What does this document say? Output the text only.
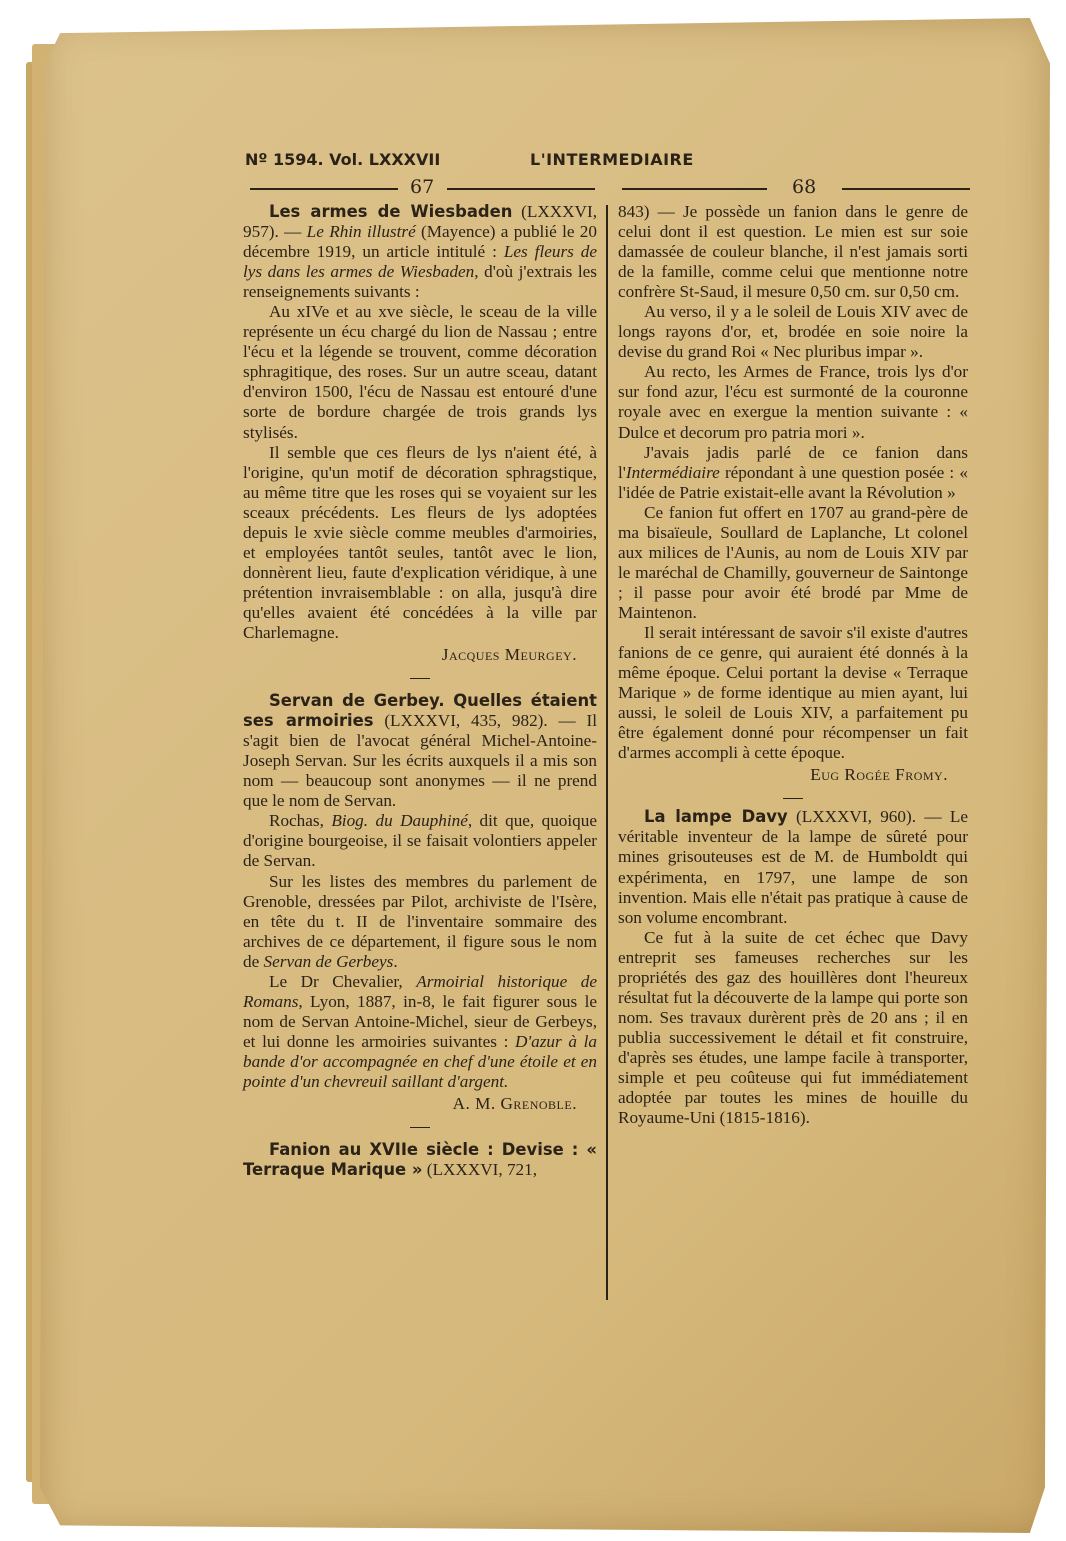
Nº 1594. Vol. LXXXVII	L'INTERMEDIAIRE
67	68

Les armes de Wiesbaden (LXXXVI, 957). — Le Rhin illustré (Mayence) a publié le 20 décembre 1919, un article intitulé : Les fleurs de lys dans les armes de Wiesbaden, d'où j'extrais les renseignements suivants :

Au xIVe et au xve siècle, le sceau de la ville représente un écu chargé du lion de Nassau ; entre l'écu et la légende se trouvent, comme décoration sphragitique, des roses. Sur un autre sceau, datant d'environ 1500, l'écu de Nassau est entouré d'une sorte de bordure chargée de trois grands lys stylisés.

Il semble que ces fleurs de lys n'aient été, à l'origine, qu'un motif de décoration sphragstique, au même titre que les roses qui se voyaient sur les sceaux précédents. Les fleurs de lys adoptées depuis le xvie siècle comme meubles d'armoiries, et employées tantôt seules, tantôt avec le lion, donnèrent lieu, faute d'explication véridique, à une prétention invraisemblable : on alla, jusqu'à dire qu'elles avaient été concédées à la ville par Charlemagne.

Jacques Meurgey.

Servan de Gerbey. Quelles étaient ses armoiries (LXXXVI, 435, 982). — Il s'agit bien de l'avocat général Michel-Antoine-Joseph Servan. Sur les écrits auxquels il a mis son nom — beaucoup sont anonymes — il ne prend que le nom de Servan.

Rochas, Biog. du Dauphiné, dit que, quoique d'origine bourgeoise, il se faisait volontiers appeler de Servan.

Sur les listes des membres du parlement de Grenoble, dressées par Pilot, archiviste de l'Isère, en tête du t. II de l'inventaire sommaire des archives de ce département, il figure sous le nom de Servan de Gerbeys.

Le Dr Chevalier, Armoirial historique de Romans, Lyon, 1887, in-8, le fait figurer sous le nom de Servan Antoine-Michel, sieur de Gerbeys, et lui donne les armoiries suivantes : D'azur à la bande d'or accompagnée en chef d'une étoile et en pointe d'un chevreuil saillant d'argent.

A. M. Grenoble.

Fanion au XVIIe siècle : Devise : « Terraque Marique » (LXXXVI, 721,

843) — Je possède un fanion dans le genre de celui dont il est question. Le mien est sur soie damassée de couleur blanche, il n'est jamais sorti de la famille, comme celui que mentionne notre confrère St-Saud, il mesure 0,50 cm. sur 0,50 cm.

Au verso, il y a le soleil de Louis XIV avec de longs rayons d'or, et, brodée en soie noire la devise du grand Roi « Nec pluribus impar ».

Au recto, les Armes de France, trois lys d'or sur fond azur, l'écu est surmonté de la couronne royale avec en exergue la mention suivante : « Dulce et decorum pro patria mori ».

J'avais jadis parlé de ce fanion dans l'Intermédiaire répondant à une question posée : « l'idée de Patrie existait-elle avant la Révolution »

Ce fanion fut offert en 1707 au grand-père de ma bisaïeule, Soullard de Laplanche, Lt colonel aux milices de l'Aunis, au nom de Louis XIV par le maréchal de Chamilly, gouverneur de Saintonge ; il passe pour avoir été brodé par Mme de Maintenon.

Il serait intéressant de savoir s'il existe d'autres fanions de ce genre, qui auraient été donnés à la même époque. Celui portant la devise « Terraque Marique » de forme identique au mien ayant, lui aussi, le soleil de Louis XIV, a parfaitement pu être également donné pour récompenser un fait d'armes accompli à cette époque.

Eug Rogée Fromy.

La lampe Davy (LXXXVI, 960). — Le véritable inventeur de la lampe de sûreté pour mines grisouteuses est de M. de Humboldt qui expérimenta, en 1797, une lampe de son invention. Mais elle n'était pas pratique à cause de son volume encombrant.

Ce fut à la suite de cet échec que Davy entreprit ses fameuses recherches sur les propriétés des gaz des houillères dont l'heureux résultat fut la découverte de la lampe qui porte son nom. Ses travaux durèrent près de 20 ans ; il en publia successivement le détail et fit construire, d'après ses études, une lampe facile à transporter, simple et peu coûteuse qui fut immédiatement adoptée par toutes les mines de houille du Royaume-Uni (1815-1816).
